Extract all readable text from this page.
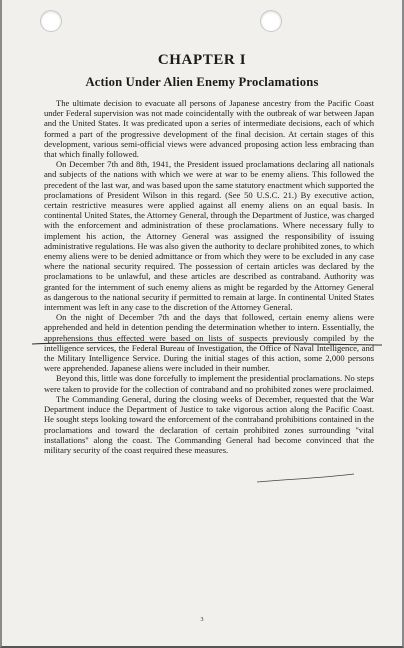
CHAPTER I
Action Under Alien Enemy Proclamations

The ultimate decision to evacuate all persons of Japanese ancestry from the Pacific Coast under Federal supervision was not made coincidentally with the outbreak of war between Japan and the United States. It was predicated upon a series of intermediate decisions, each of which formed a part of the progressive development of the final decision. At certain stages of this development, various semi-official views were advanced proposing action less embracing than that which finally followed.

On December 7th and 8th, 1941, the President issued proclamations declaring all nationals and subjects of the nations with which we were at war to be enemy aliens. This followed the precedent of the last war, and was based upon the same statutory enactment which supported the proclamations of President Wilson in this regard. (See 50 U.S.C. 21.) By executive action, certain restrictive measures were applied against all enemy aliens on an equal basis. In continental United States, the Attorney General, through the Department of Justice, was charged with the enforcement and administration of these proclamations. Where necessary fully to implement his action, the Attorney General was assigned the responsibility of issuing administrative regulations. He was also given the authority to declare prohibited zones, to which enemy aliens were to be denied admittance or from which they were to be excluded in any case where the national security required. The possession of certain articles was declared by the proclamations to be unlawful, and these articles are described as contraband. Authority was granted for the internment of such enemy aliens as might be regarded by the Attorney General as dangerous to the national security if permitted to remain at large. In continental United States internment was left in any case to the discretion of the Attorney General.

On the night of December 7th and the days that followed, certain enemy aliens were apprehended and held in detention pending the determination whether to intern. Essentially, the apprehensions thus effected were based on lists of suspects previously compiled by the intelligence services, the Federal Bureau of Investigation, the Office of Naval Intelligence, and the Military Intelligence Service. During the initial stages of this action, some 2,000 persons were apprehended. Japanese aliens were included in their number.

Beyond this, little was done forcefully to implement the presidential proclamations. No steps were taken to provide for the collection of contraband and no prohibited zones were proclaimed.

The Commanding General, during the closing weeks of December, requested that the War Department induce the Department of Justice to take vigorous action along the Pacific Coast. He sought steps looking toward the enforcement of the contraband prohibitions contained in the proclamations and toward the declaration of certain prohibited zones surrounding "vital installations" along the coast. The Commanding General had become convinced that the military security of the coast required these measures.

3
